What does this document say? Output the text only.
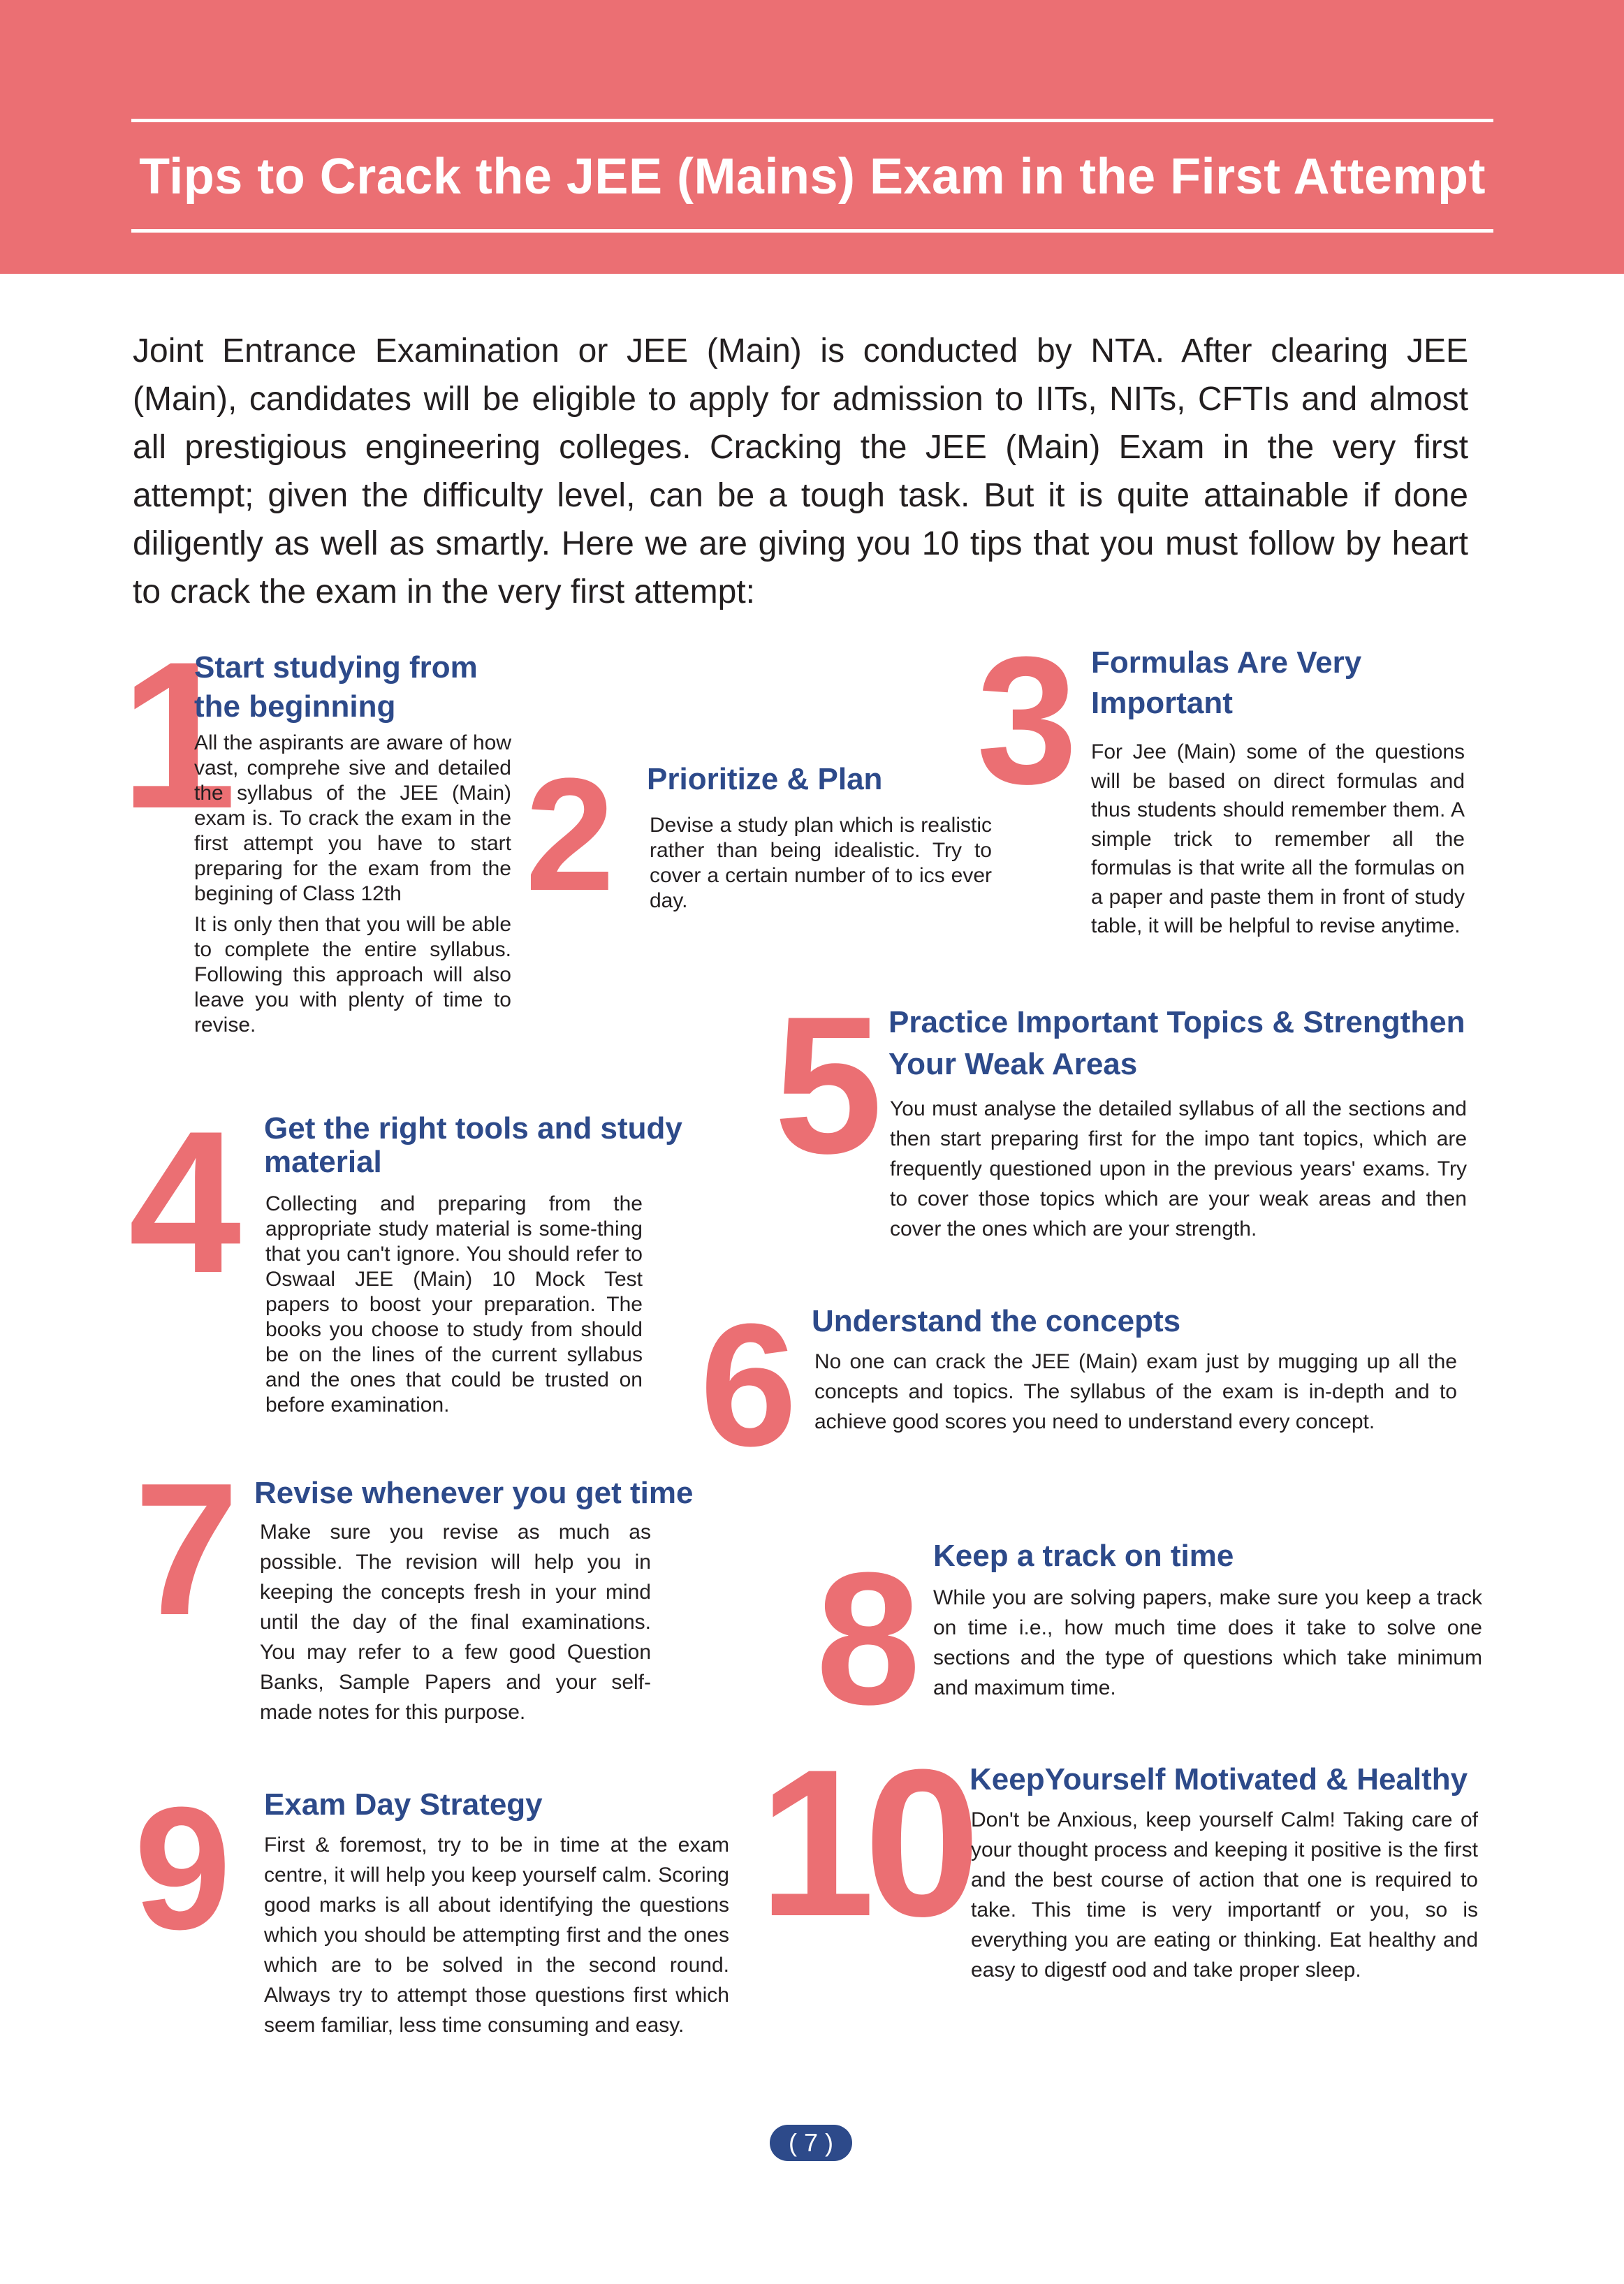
Tips to Crack the JEE (Mains) Exam in the First Attempt

Joint Entrance Examination or JEE (Main) is conducted by NTA. After clearing JEE (Main), candidates will be eligible to apply for admission to IITs, NITs, CFTIs and almost all prestigious engineering colleges. Cracking the JEE (Main) Exam in the very first attempt; given the difficulty level, can be a tough task. But it is quite attainable if done diligently as well as smartly. Here we are giving you 10 tips that you must follow by heart to crack the exam in the very first attempt:

1
Start studying from the beginning

All the aspirants are aware of how vast, comprehe sive and detailed the syllabus of the JEE (Main) exam is. To crack the exam in the first attempt you have to start preparing for the exam from the begining of Class 12th

It is only then that you will be able to complete the entire syllabus. Following this approach will also leave you with plenty of time to revise.

2 Prioritize & Plan

Devise a study plan which is realistic rather than being idealistic. Try to cover a certain number of to ics ever day.

3 Formulas Are Very Important

For Jee (Main) some of the questions will be based on direct formulas and thus students should remember them. A simple trick to remember all the formulas is that write all the formulas on a paper and paste them in front of study table, it will be helpful to revise anytime.

4 Get the right tools and study material

Collecting and preparing from the appropriate study material is some-thing that you can't ignore. You should refer to Oswaal JEE (Main) 10 Mock Test papers to boost your preparation. The books you choose to study from should be on the lines of the current syllabus and the ones that could be trusted on before examination.

5 Practice Important Topics & Strengthen Your Weak Areas

You must analyse the detailed syllabus of all the sections and then start preparing first for the impo tant topics, which are frequently questioned upon in the previous years' exams. Try to cover those topics which are your weak areas and then cover the ones which are your strength.

6 Understand the concepts

No one can crack the JEE (Main) exam just by mugging up all the concepts and topics. The syllabus of the exam is in-depth and to achieve good scores you need to understand every concept.

7 Revise whenever you get time

Make sure you revise as much as possible. The revision will help you in keeping the concepts fresh in your mind until the day of the final examinations. You may refer to a few good Question Banks, Sample Papers and your self-made notes for this purpose.	8 Keep a track on time

While you are solving papers, make sure you keep a track on time i.e., how much time does it take to solve one sections and the type of questions which take minimum and maximum time.

9 Exam Day Strategy

First & foremost, try to be in time at the exam centre, it will help you keep yourself calm. Scoring good marks is all about identifying the questions which you should be attempting first and the ones which are to be solved in the second round. Always try to attempt those questions first which seem familiar, less time consuming and easy.

10 KeepYourself Motivated & Healthy

Don't be Anxious, keep yourself Calm! Taking care of your thought process and keeping it positive is the first and the best course of action that one is required to take. This time is very importantf or you, so is everything you are eating or thinking. Eat healthy and easy to digestf ood and take proper sleep.

( 7 )
